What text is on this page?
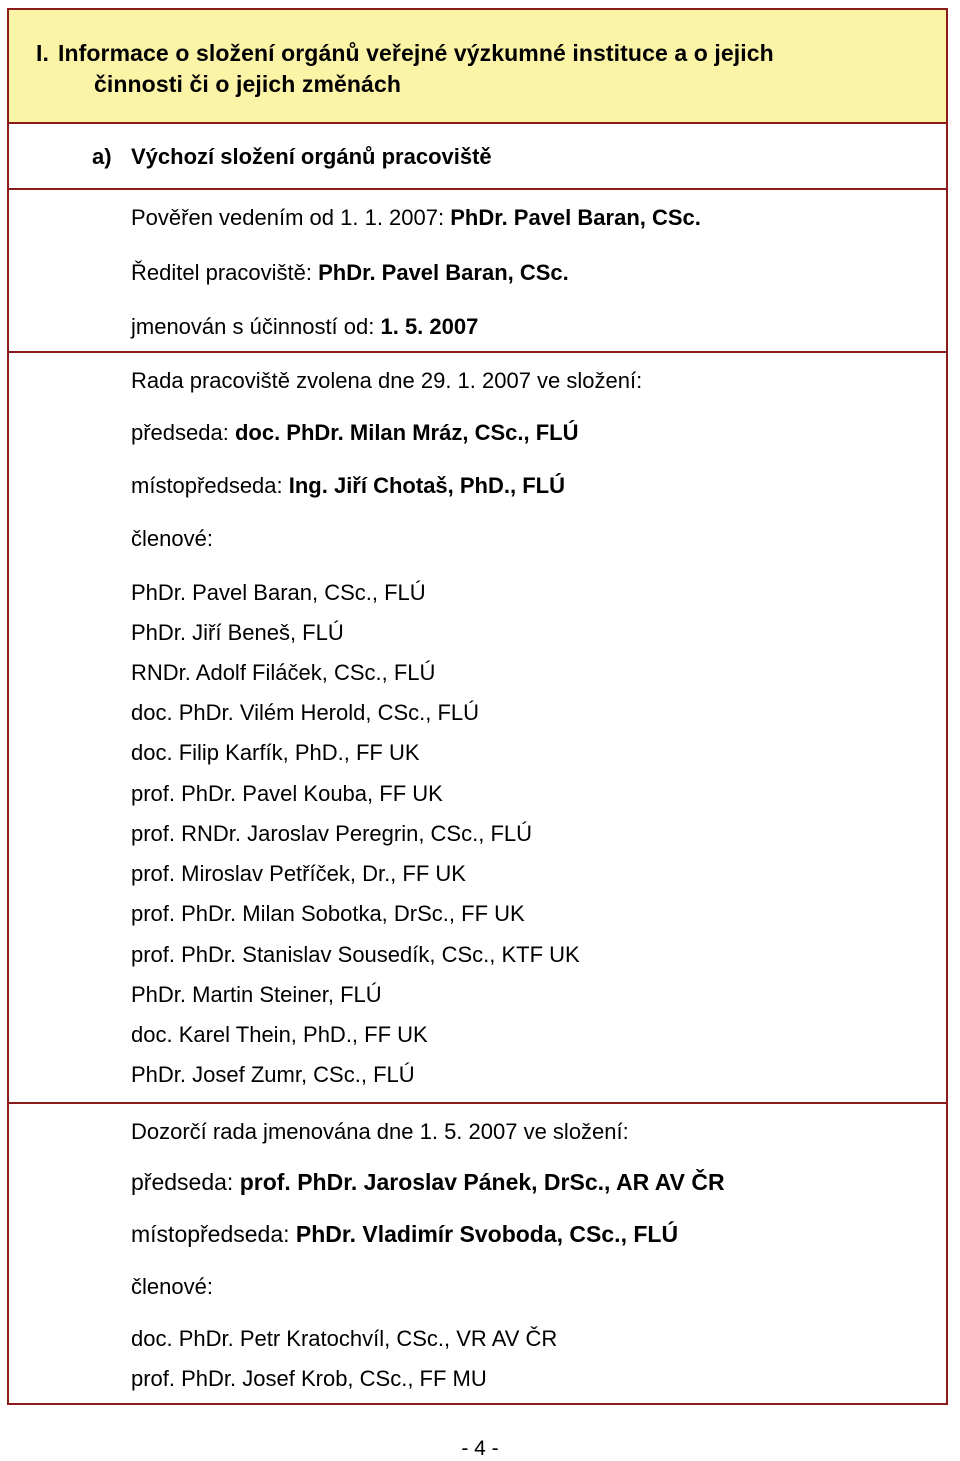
I. Informace o složení orgánů veřejné výzkumné instituce a o jejich
činnosti či o jejich změnách
a) Výchozí složení orgánů pracoviště
Pověřen vedením od 1. 1. 2007: PhDr. Pavel Baran, CSc.
Ředitel pracoviště: PhDr. Pavel Baran, CSc.
jmenován s účinností od: 1. 5. 2007
Rada pracoviště zvolena dne 29. 1. 2007 ve složení:
předseda: doc. PhDr. Milan Mráz, CSc., FLÚ
místopředseda: Ing. Jiří Chotaš, PhD., FLÚ
členové:
PhDr. Pavel Baran, CSc., FLÚ
PhDr. Jiří Beneš, FLÚ
RNDr. Adolf Filáček, CSc., FLÚ
doc. PhDr. Vilém Herold, CSc., FLÚ
doc. Filip Karfík, PhD., FF UK
prof. PhDr. Pavel Kouba, FF UK
prof. RNDr. Jaroslav Peregrin, CSc., FLÚ
prof. Miroslav Petříček, Dr., FF UK
prof. PhDr. Milan Sobotka, DrSc., FF UK
prof. PhDr. Stanislav Sousedík, CSc., KTF UK
PhDr. Martin Steiner, FLÚ
doc. Karel Thein, PhD., FF UK
PhDr. Josef Zumr, CSc., FLÚ
Dozorčí rada jmenována dne 1. 5. 2007 ve složení:
předseda: prof. PhDr. Jaroslav Pánek, DrSc., AR AV ČR
místopředseda: PhDr. Vladimír Svoboda, CSc., FLÚ
členové:
doc. PhDr. Petr Kratochvíl, CSc., VR AV ČR
prof. PhDr. Josef Krob, CSc., FF MU
- 4 -
